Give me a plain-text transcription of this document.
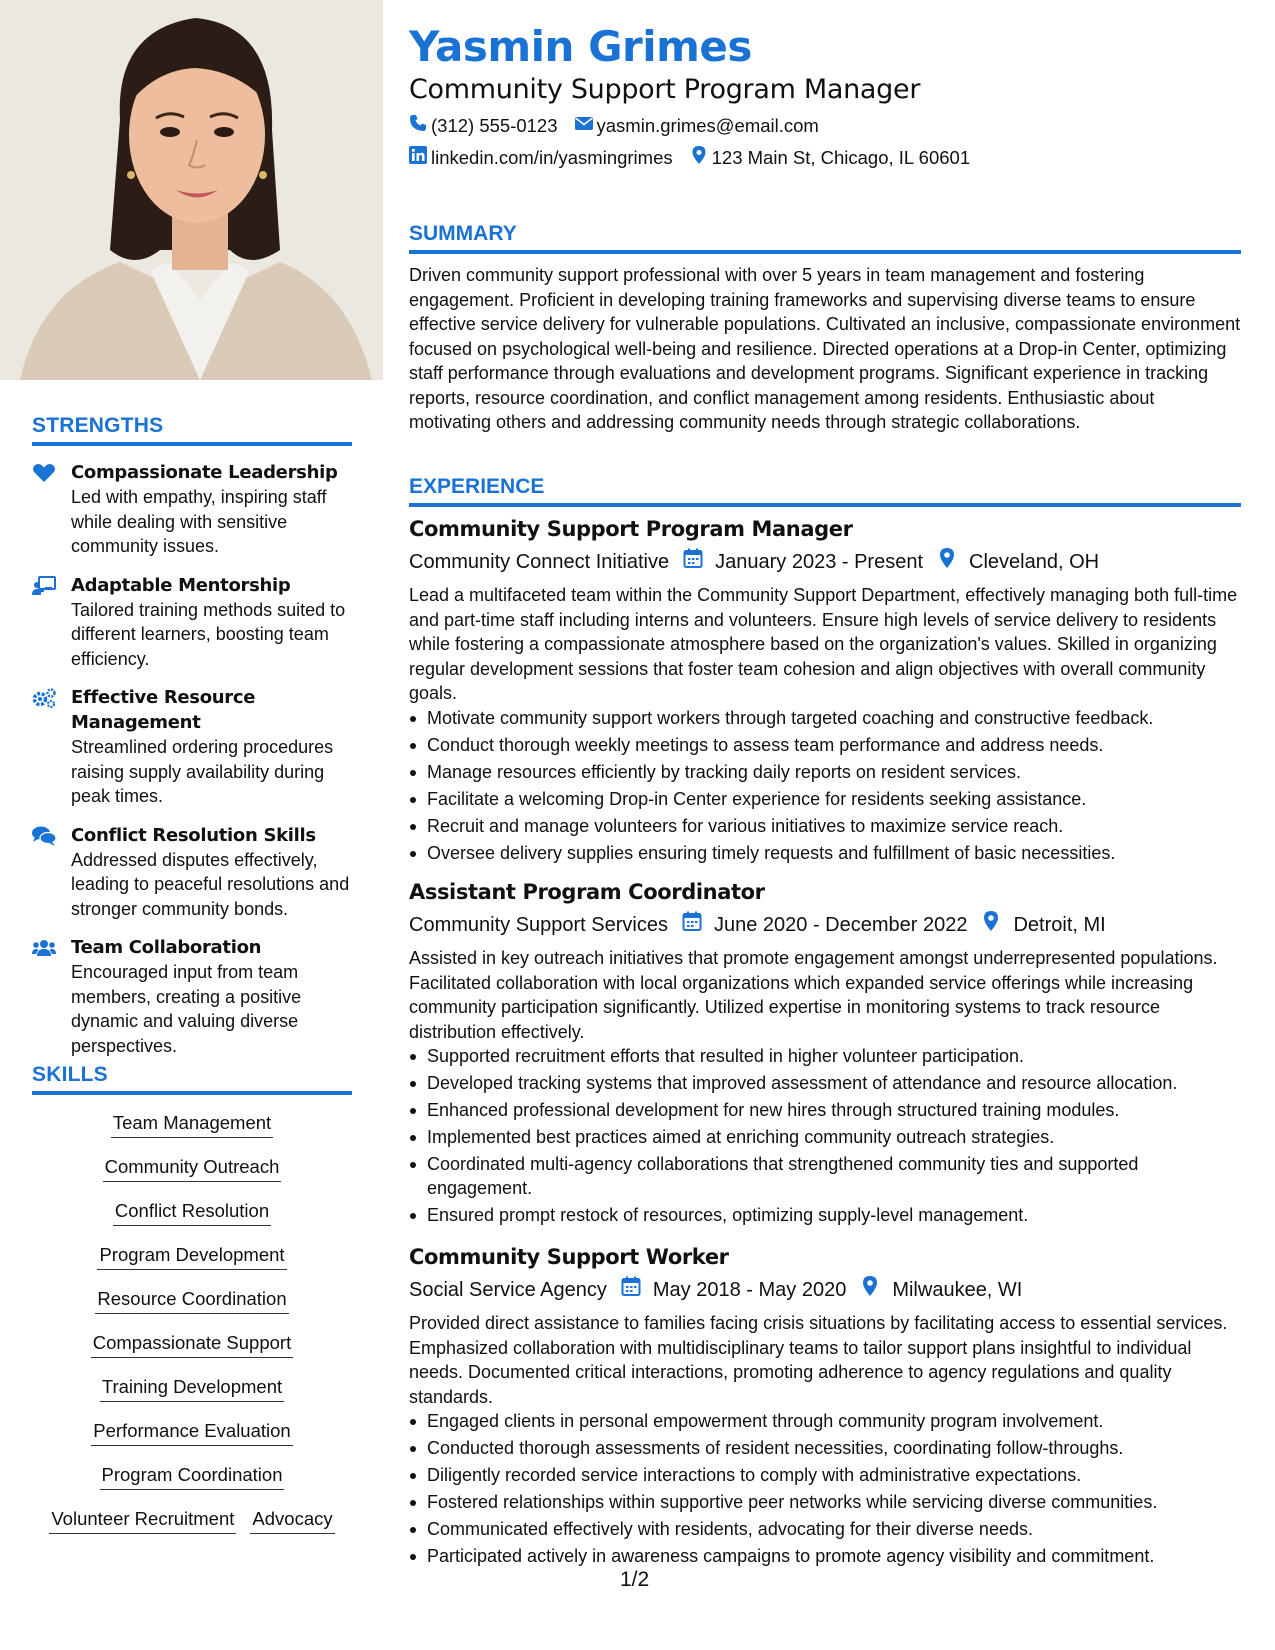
STRENGTHS
Compassionate Leadership
Led with empathy, inspiring staff while dealing with sensitive community issues.
Adaptable Mentorship
Tailored training methods suited to different learners, boosting team efficiency.
Effective Resource Management
Streamlined ordering procedures raising supply availability during peak times.
Conflict Resolution Skills
Addressed disputes effectively, leading to peaceful resolutions and stronger community bonds.
Team Collaboration
Encouraged input from team members, creating a positive dynamic and valuing diverse perspectives.
SKILLS
Team Management
Community Outreach
Conflict Resolution
Program Development
Resource Coordination
Compassionate Support
Training Development
Performance Evaluation
Program Coordination
Volunteer Recruitment Advocacy
Yasmin Grimes
Community Support Program Manager
(312) 555-0123 yasmin.grimes@email.com
linkedin.com/in/yasmingrimes 123 Main St, Chicago, IL 60601
SUMMARY
Driven community support professional with over 5 years in team management and fostering engagement. Proficient in developing training frameworks and supervising diverse teams to ensure effective service delivery for vulnerable populations. Cultivated an inclusive, compassionate environment focused on psychological well-being and resilience. Directed operations at a Drop-in Center, optimizing staff performance through evaluations and development programs. Significant experience in tracking reports, resource coordination, and conflict management among residents. Enthusiastic about motivating others and addressing community needs through strategic collaborations.
EXPERIENCE
Community Support Program Manager
Community Connect Initiative January 2023 - Present Cleveland, OH
Lead a multifaceted team within the Community Support Department, effectively managing both full-time and part-time staff including interns and volunteers. Ensure high levels of service delivery to residents while fostering a compassionate atmosphere based on the organization's values. Skilled in organizing regular development sessions that foster team cohesion and align objectives with overall community goals.
Motivate community support workers through targeted coaching and constructive feedback.
Conduct thorough weekly meetings to assess team performance and address needs.
Manage resources efficiently by tracking daily reports on resident services.
Facilitate a welcoming Drop-in Center experience for residents seeking assistance.
Recruit and manage volunteers for various initiatives to maximize service reach.
Oversee delivery supplies ensuring timely requests and fulfillment of basic necessities.
Assistant Program Coordinator
Community Support Services June 2020 - December 2022 Detroit, MI
Assisted in key outreach initiatives that promote engagement amongst underrepresented populations. Facilitated collaboration with local organizations which expanded service offerings while increasing community participation significantly. Utilized expertise in monitoring systems to track resource distribution effectively.
Supported recruitment efforts that resulted in higher volunteer participation.
Developed tracking systems that improved assessment of attendance and resource allocation.
Enhanced professional development for new hires through structured training modules.
Implemented best practices aimed at enriching community outreach strategies.
Coordinated multi-agency collaborations that strengthened community ties and supported engagement.
Ensured prompt restock of resources, optimizing supply-level management.
Community Support Worker
Social Service Agency May 2018 - May 2020 Milwaukee, WI
Provided direct assistance to families facing crisis situations by facilitating access to essential services. Emphasized collaboration with multidisciplinary teams to tailor support plans insightful to individual needs. Documented critical interactions, promoting adherence to agency regulations and quality standards.
Engaged clients in personal empowerment through community program involvement.
Conducted thorough assessments of resident necessities, coordinating follow-throughs.
Diligently recorded service interactions to comply with administrative expectations.
Fostered relationships within supportive peer networks while servicing diverse communities.
Communicated effectively with residents, advocating for their diverse needs.
Participated actively in awareness campaigns to promote agency visibility and commitment.
1/2
